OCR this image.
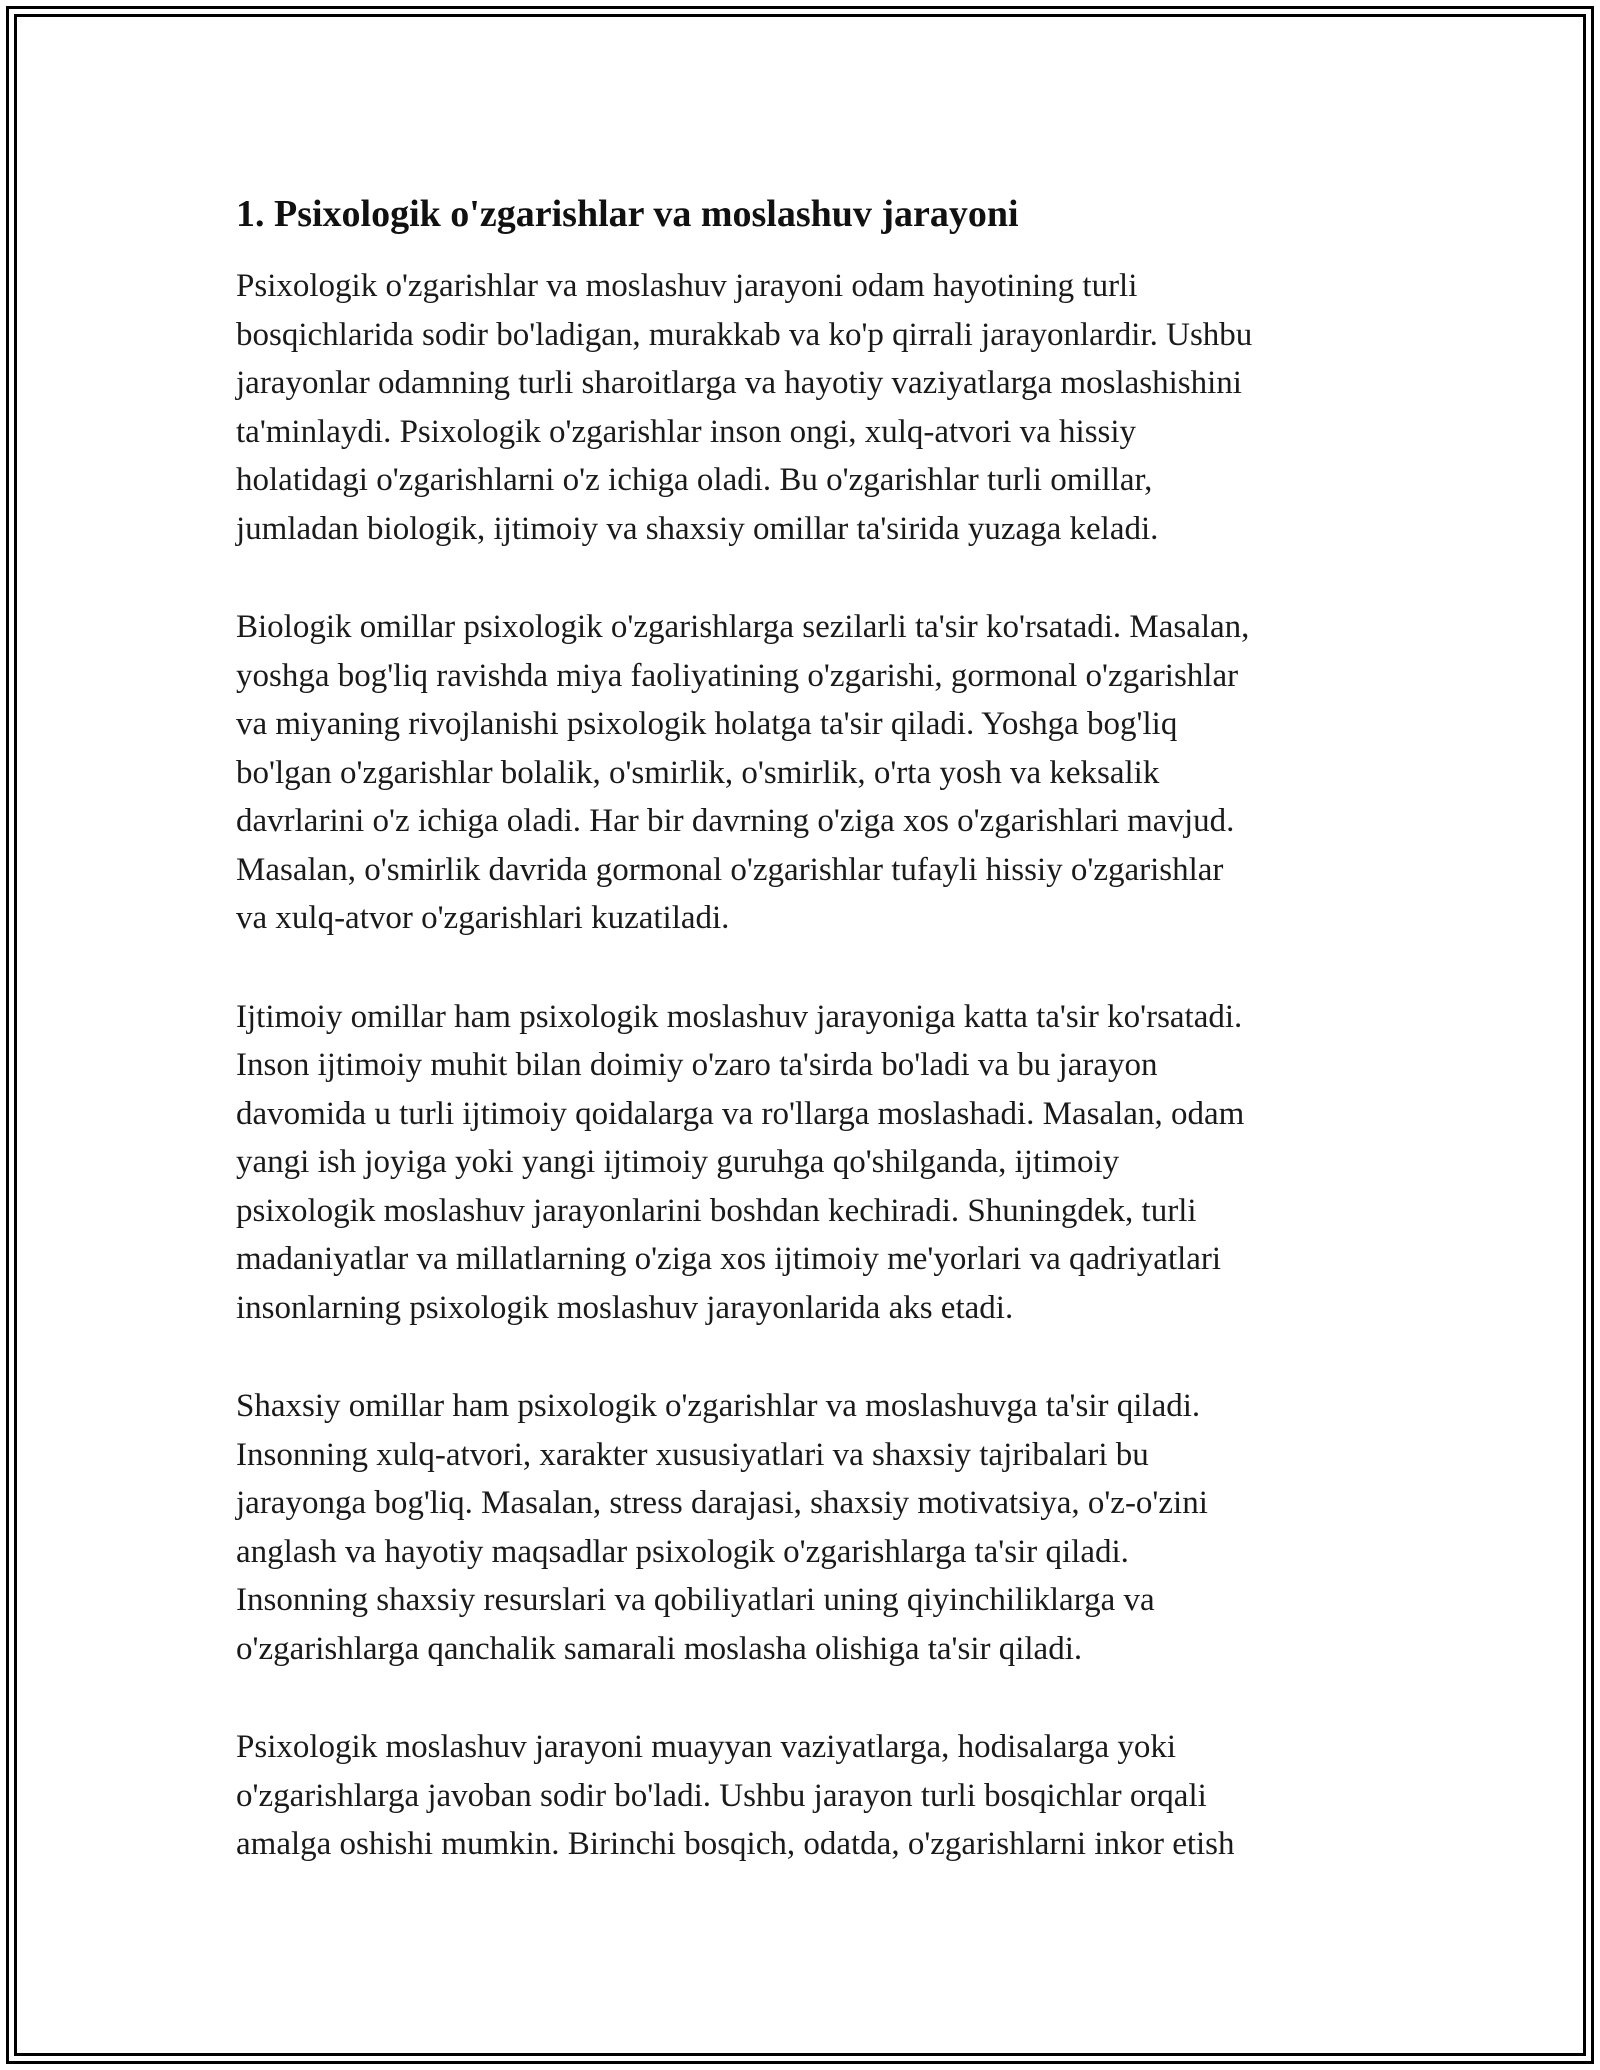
1. Psixologik o'zgarishlar va moslashuv jarayoni

Psixologik o'zgarishlar va moslashuv jarayoni odam hayotining turli
bosqichlarida sodir bo'ladigan, murakkab va ko'p qirrali jarayonlardir. Ushbu
jarayonlar odamning turli sharoitlarga va hayotiy vaziyatlarga moslashishini
ta'minlaydi. Psixologik o'zgarishlar inson ongi, xulq-atvori va hissiy
holatidagi o'zgarishlarni o'z ichiga oladi. Bu o'zgarishlar turli omillar,
jumladan biologik, ijtimoiy va shaxsiy omillar ta'sirida yuzaga keladi.

Biologik omillar psixologik o'zgarishlarga sezilarli ta'sir ko'rsatadi. Masalan,
yoshga bog'liq ravishda miya faoliyatining o'zgarishi, gormonal o'zgarishlar
va miyaning rivojlanishi psixologik holatga ta'sir qiladi. Yoshga bog'liq
bo'lgan o'zgarishlar bolalik, o'smirlik, o'smirlik, o'rta yosh va keksalik
davrlarini o'z ichiga oladi. Har bir davrning o'ziga xos o'zgarishlari mavjud.
Masalan, o'smirlik davrida gormonal o'zgarishlar tufayli hissiy o'zgarishlar
va xulq-atvor o'zgarishlari kuzatiladi.

Ijtimoiy omillar ham psixologik moslashuv jarayoniga katta ta'sir ko'rsatadi.
Inson ijtimoiy muhit bilan doimiy o'zaro ta'sirda bo'ladi va bu jarayon
davomida u turli ijtimoiy qoidalarga va ro'llarga moslashadi. Masalan, odam
yangi ish joyiga yoki yangi ijtimoiy guruhga qo'shilganda, ijtimoiy
psixologik moslashuv jarayonlarini boshdan kechiradi. Shuningdek, turli
madaniyatlar va millatlarning o'ziga xos ijtimoiy me'yorlari va qadriyatlari
insonlarning psixologik moslashuv jarayonlarida aks etadi.

Shaxsiy omillar ham psixologik o'zgarishlar va moslashuvga ta'sir qiladi.
Insonning xulq-atvori, xarakter xususiyatlari va shaxsiy tajribalari bu
jarayonga bog'liq. Masalan, stress darajasi, shaxsiy motivatsiya, o'z-o'zini
anglash va hayotiy maqsadlar psixologik o'zgarishlarga ta'sir qiladi.
Insonning shaxsiy resurslari va qobiliyatlari uning qiyinchiliklarga va
o'zgarishlarga qanchalik samarali moslasha olishiga ta'sir qiladi.

Psixologik moslashuv jarayoni muayyan vaziyatlarga, hodisalarga yoki
o'zgarishlarga javoban sodir bo'ladi. Ushbu jarayon turli bosqichlar orqali
amalga oshishi mumkin. Birinchi bosqich, odatda, o'zgarishlarni inkor etish
